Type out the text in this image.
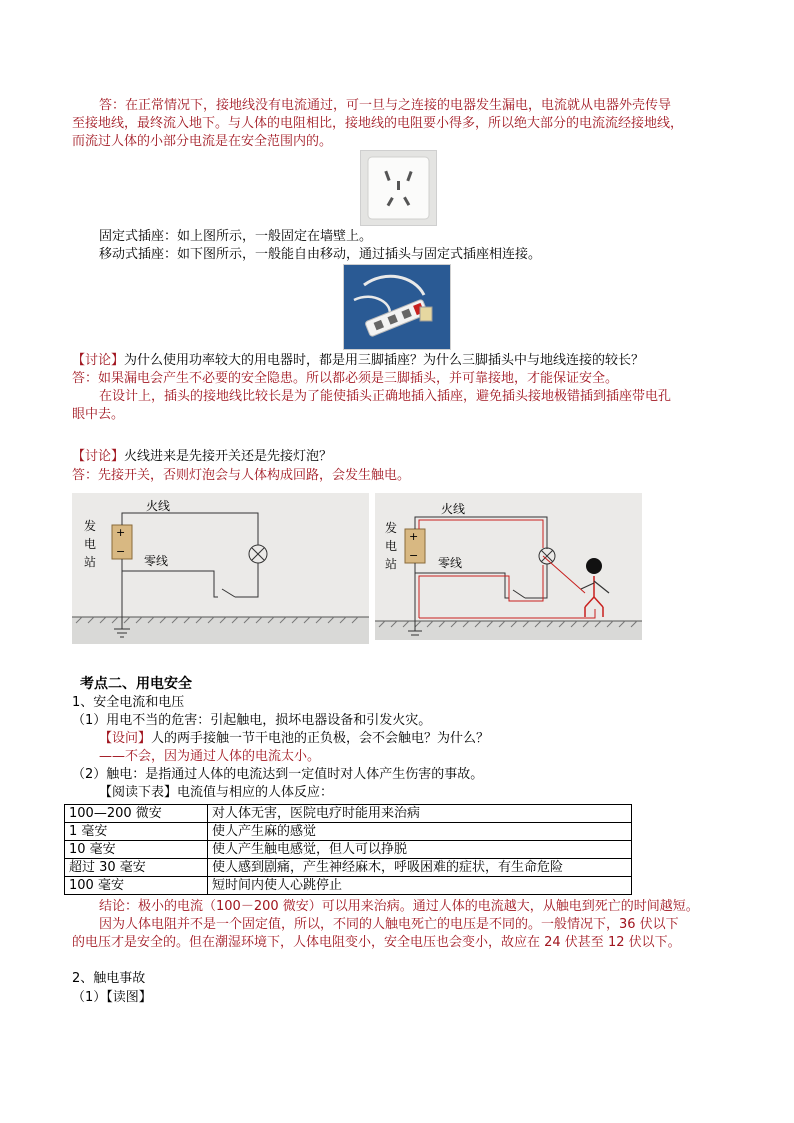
答：在正常情况下，接地线没有电流通过，可一旦与之连接的电器发生漏电，电流就从电器外壳传导
至接地线，最终流入地下。与人体的电阻相比，接地线的电阻要小得多，所以绝大部分的电流流经接地线，
而流过人体的小部分电流是在安全范围内的。
固定式插座：如上图所示，一般固定在墙壁上。
移动式插座：如下图所示，一般能自由移动，通过插头与固定式插座相连接。
【讨论】为什么使用功率较大的用电器时，都是用三脚插座？为什么三脚插头中与地线连接的较长？
答：如果漏电会产生不必要的安全隐患。所以都必须是三脚插头，并可靠接地，才能保证安全。
在设计上，插头的接地线比较长是为了能使插头正确地插入插座，避免插头接地极错插到插座带电孔
眼中去。
【讨论】火线进来是先接开关还是先接灯泡？
答：先接开关，否则灯泡会与人体构成回路，会发生触电。
+
−
发
电
站
火线
零线
+
−
发
电
站
火线
零线
考点二、用电安全
1、安全电流和电压
（1）用电不当的危害：引起触电，损坏电器设备和引发火灾。
【设问】人的两手接触一节干电池的正负极，会不会触电？为什么？
——不会，因为通过人体的电流太小。
（2）触电：是指通过人体的电流达到一定值时对人体产生伤害的事故。
【阅读下表】电流值与相应的人体反应：
100—200 微安	对人体无害，医院电疗时能用来治病
1 毫安	使人产生麻的感觉
10 毫安	使人产生触电感觉，但人可以挣脱
超过 30 毫安	使人感到剧痛，产生神经麻木，呼吸困难的症状，有生命危险
100 毫安	短时间内使人心跳停止
结论：极小的电流（100－200 微安）可以用来治病。通过人体的电流越大，从触电到死亡的时间越短。
因为人体电阻并不是一个固定值，所以，不同的人触电死亡的电压是不同的。一般情况下，36 伏以下
的电压才是安全的。但在潮湿环境下，人体电阻变小，安全电压也会变小，故应在 24 伏甚至 12 伏以下。
2、触电事故
（1）【读图】
